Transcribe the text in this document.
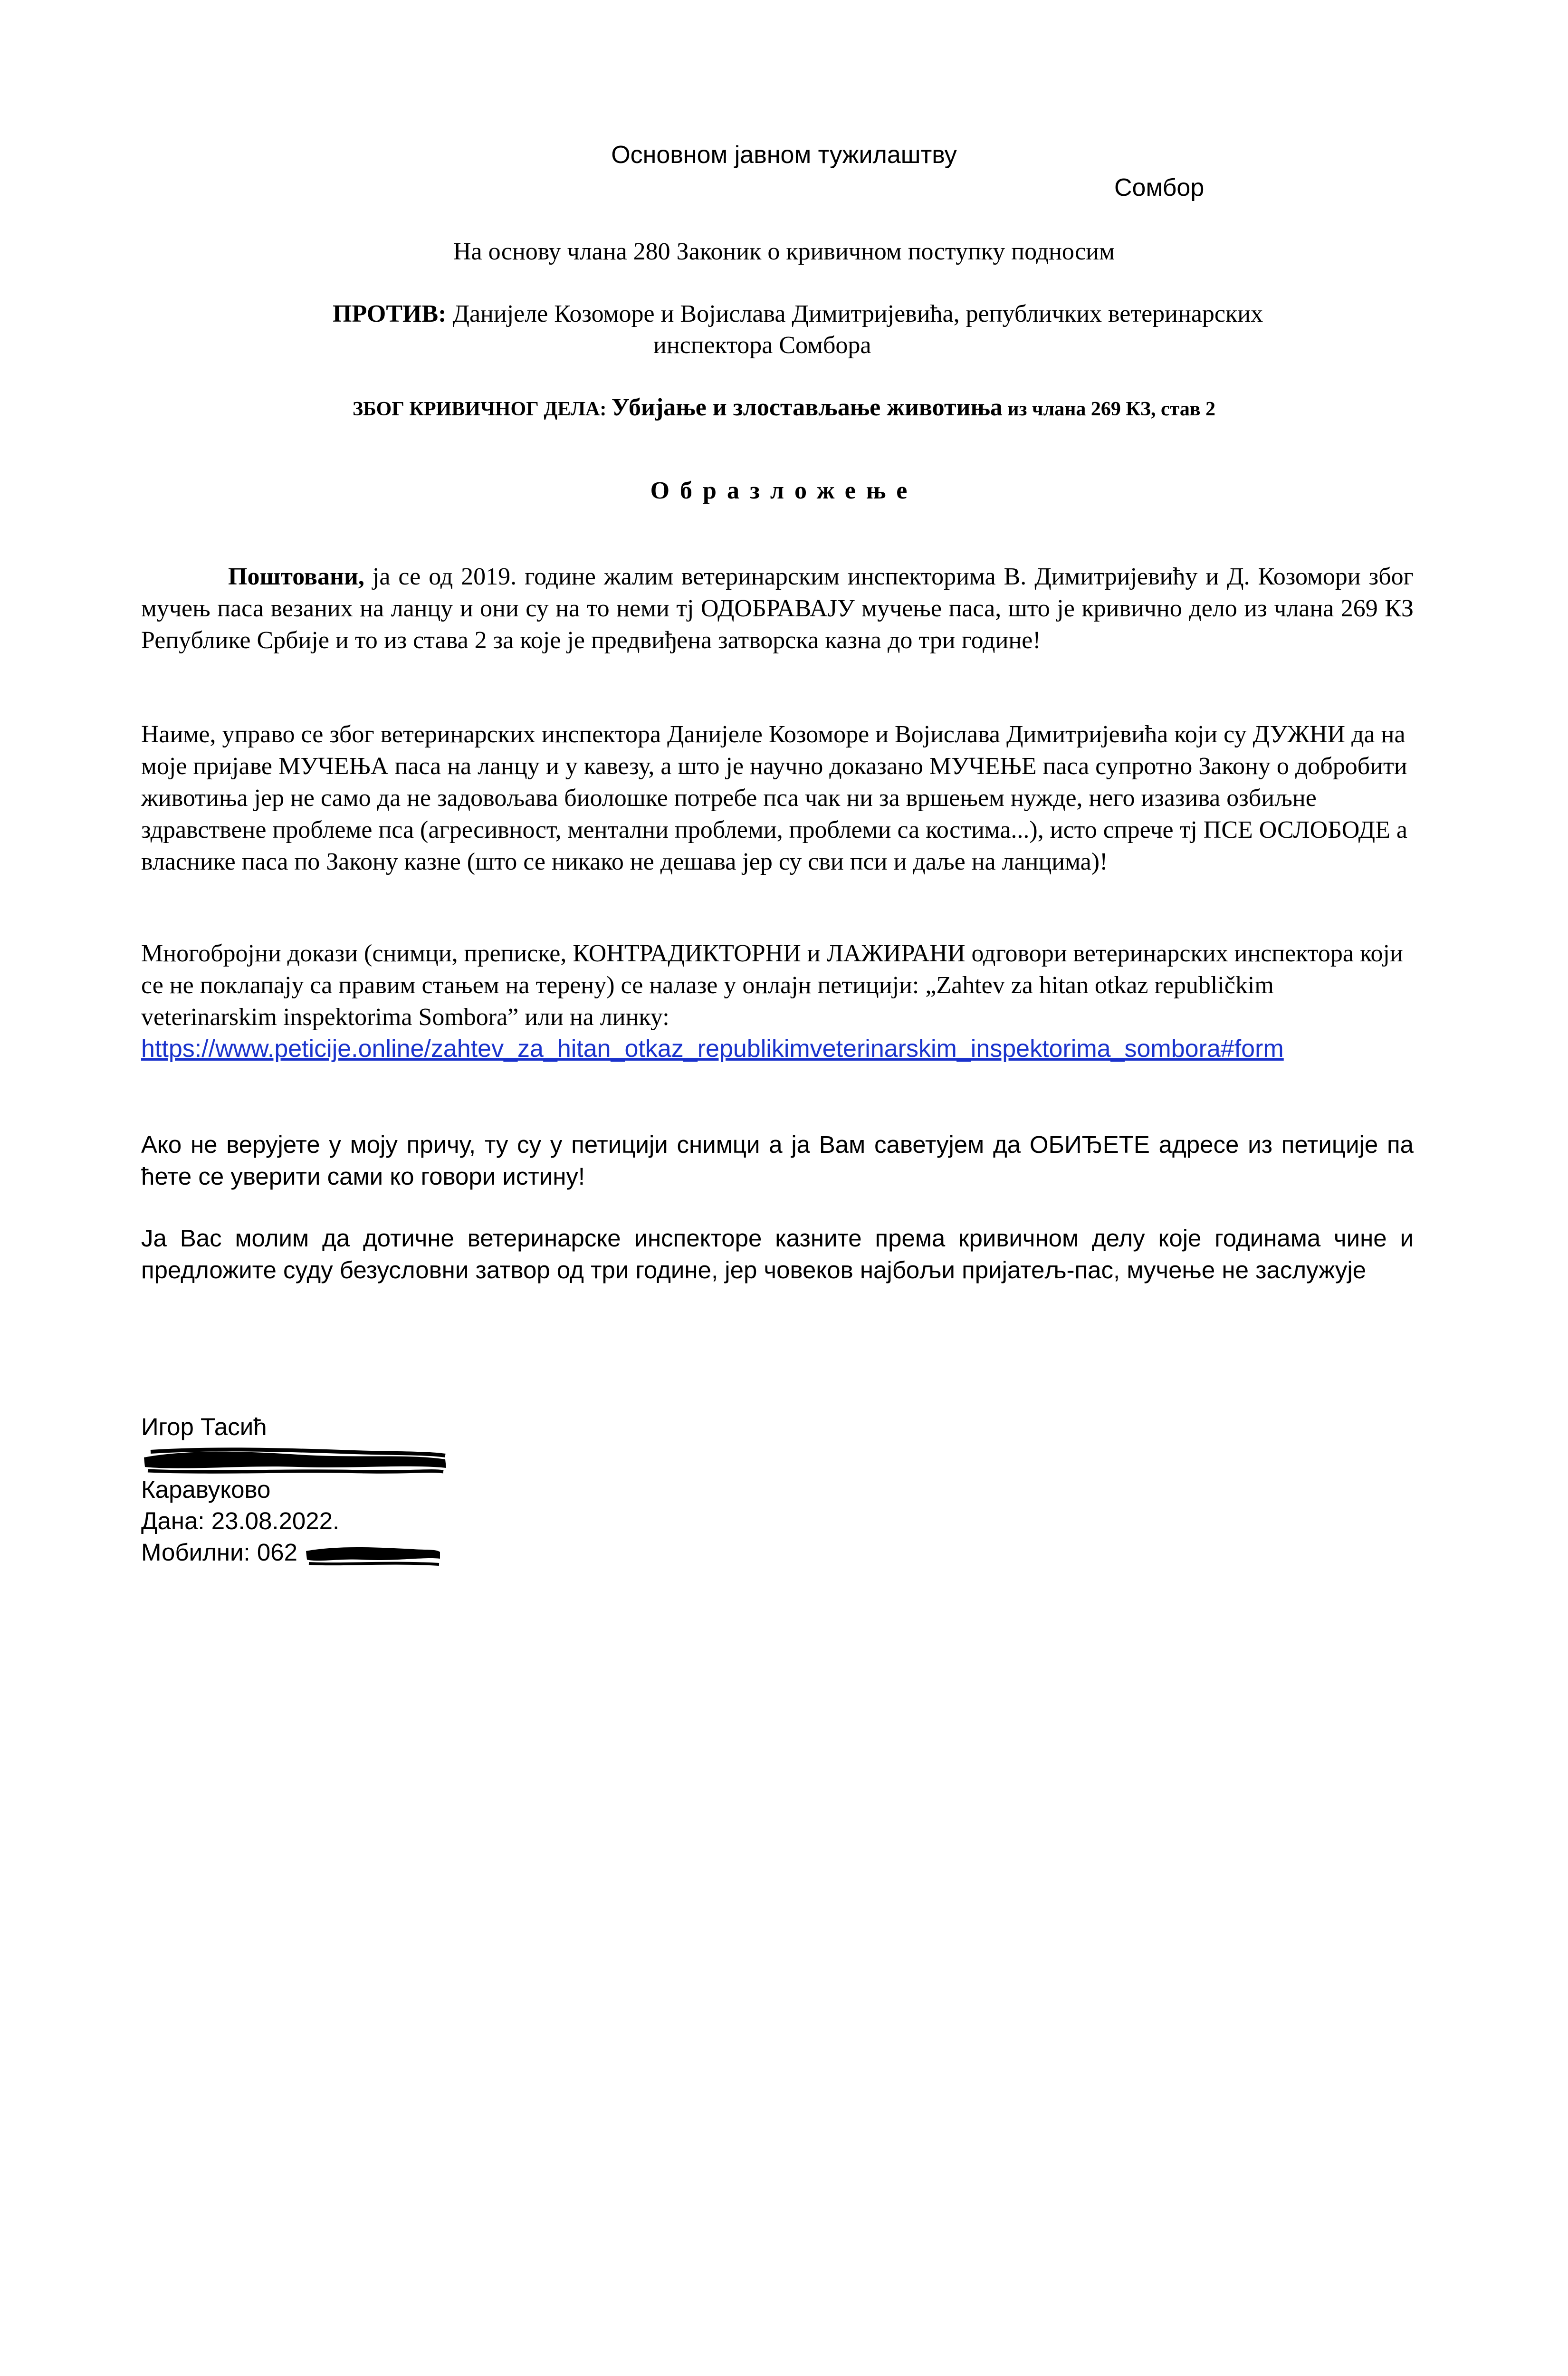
Основном јавном тужилаштву

Сомбор

На основу члана 280 Законик о кривичном поступку подносим

ПРОТИВ: Данијеле Козоморе и Војислава Димитријевића, републичких ветеринарских
инспектора Сомбора

ЗБОГ КРИВИЧНОГ ДЕЛА: Убијање и злостављање животиња из члана 269 КЗ, став 2

Образложење

Поштовани, ја се од 2019. године жалим ветеринарским инспекторима В. Димитријевићу и Д. Козомори због мучењ паса везаних на ланцу и они су на то неми тј ОДОБРАВАЈУ мучење паса, што је кривично дело из члана 269 КЗ Републике Србије и то из става 2 за које је предвиђена затворска казна до три године!

Наиме, управо се због ветеринарских инспектора Данијеле Козоморе и Војислава Димитријевића који су ДУЖНИ да на моје пријаве МУЧЕЊА паса на ланцу и у кавезу, а што је научно доказано МУЧЕЊЕ паса супротно Закону о добробити животиња јер не само да не задовољава биолошке потребе пса чак ни за вршењем нужде, него изазива озбиљне здравствене проблеме пса (агресивност, ментални проблеми, проблеми са костима...), исто спрече тј ПСЕ ОСЛОБОДЕ а власнике паса по Закону казне (што се никако не дешава јер су сви пси и даље на ланцима)!

Многобројни докази (снимци, преписке, КОНТРАДИКТОРНИ и ЛАЖИРАНИ одговори ветеринарских инспектора који се не поклапају са правим стањем на терену) се налазе у онлајн петицији: „Zahtev za hitan otkaz republičkim veterinarskim inspektorima Sombora” или на линку:
https://www.peticije.online/zahtev_za_hitan_otkaz_republikimveterinarskim_inspektorima_sombora#form

Ако не верујете у моју причу, ту су у петицији снимци а ја Вам саветујем да ОБИЂЕТЕ адресе из петиције па ћете се уверити сами ко говори истину!

Ја Вас молим да дотичне ветеринарске инспекторе казните према кривичном делу које годинама чине и предложите суду безусловни затвор од три године, јер човеков најбољи пријатељ-пас, мучење не заслужује

Игор Тасић
Каравуково
Дана: 23.08.2022.
Мобилни: 062
